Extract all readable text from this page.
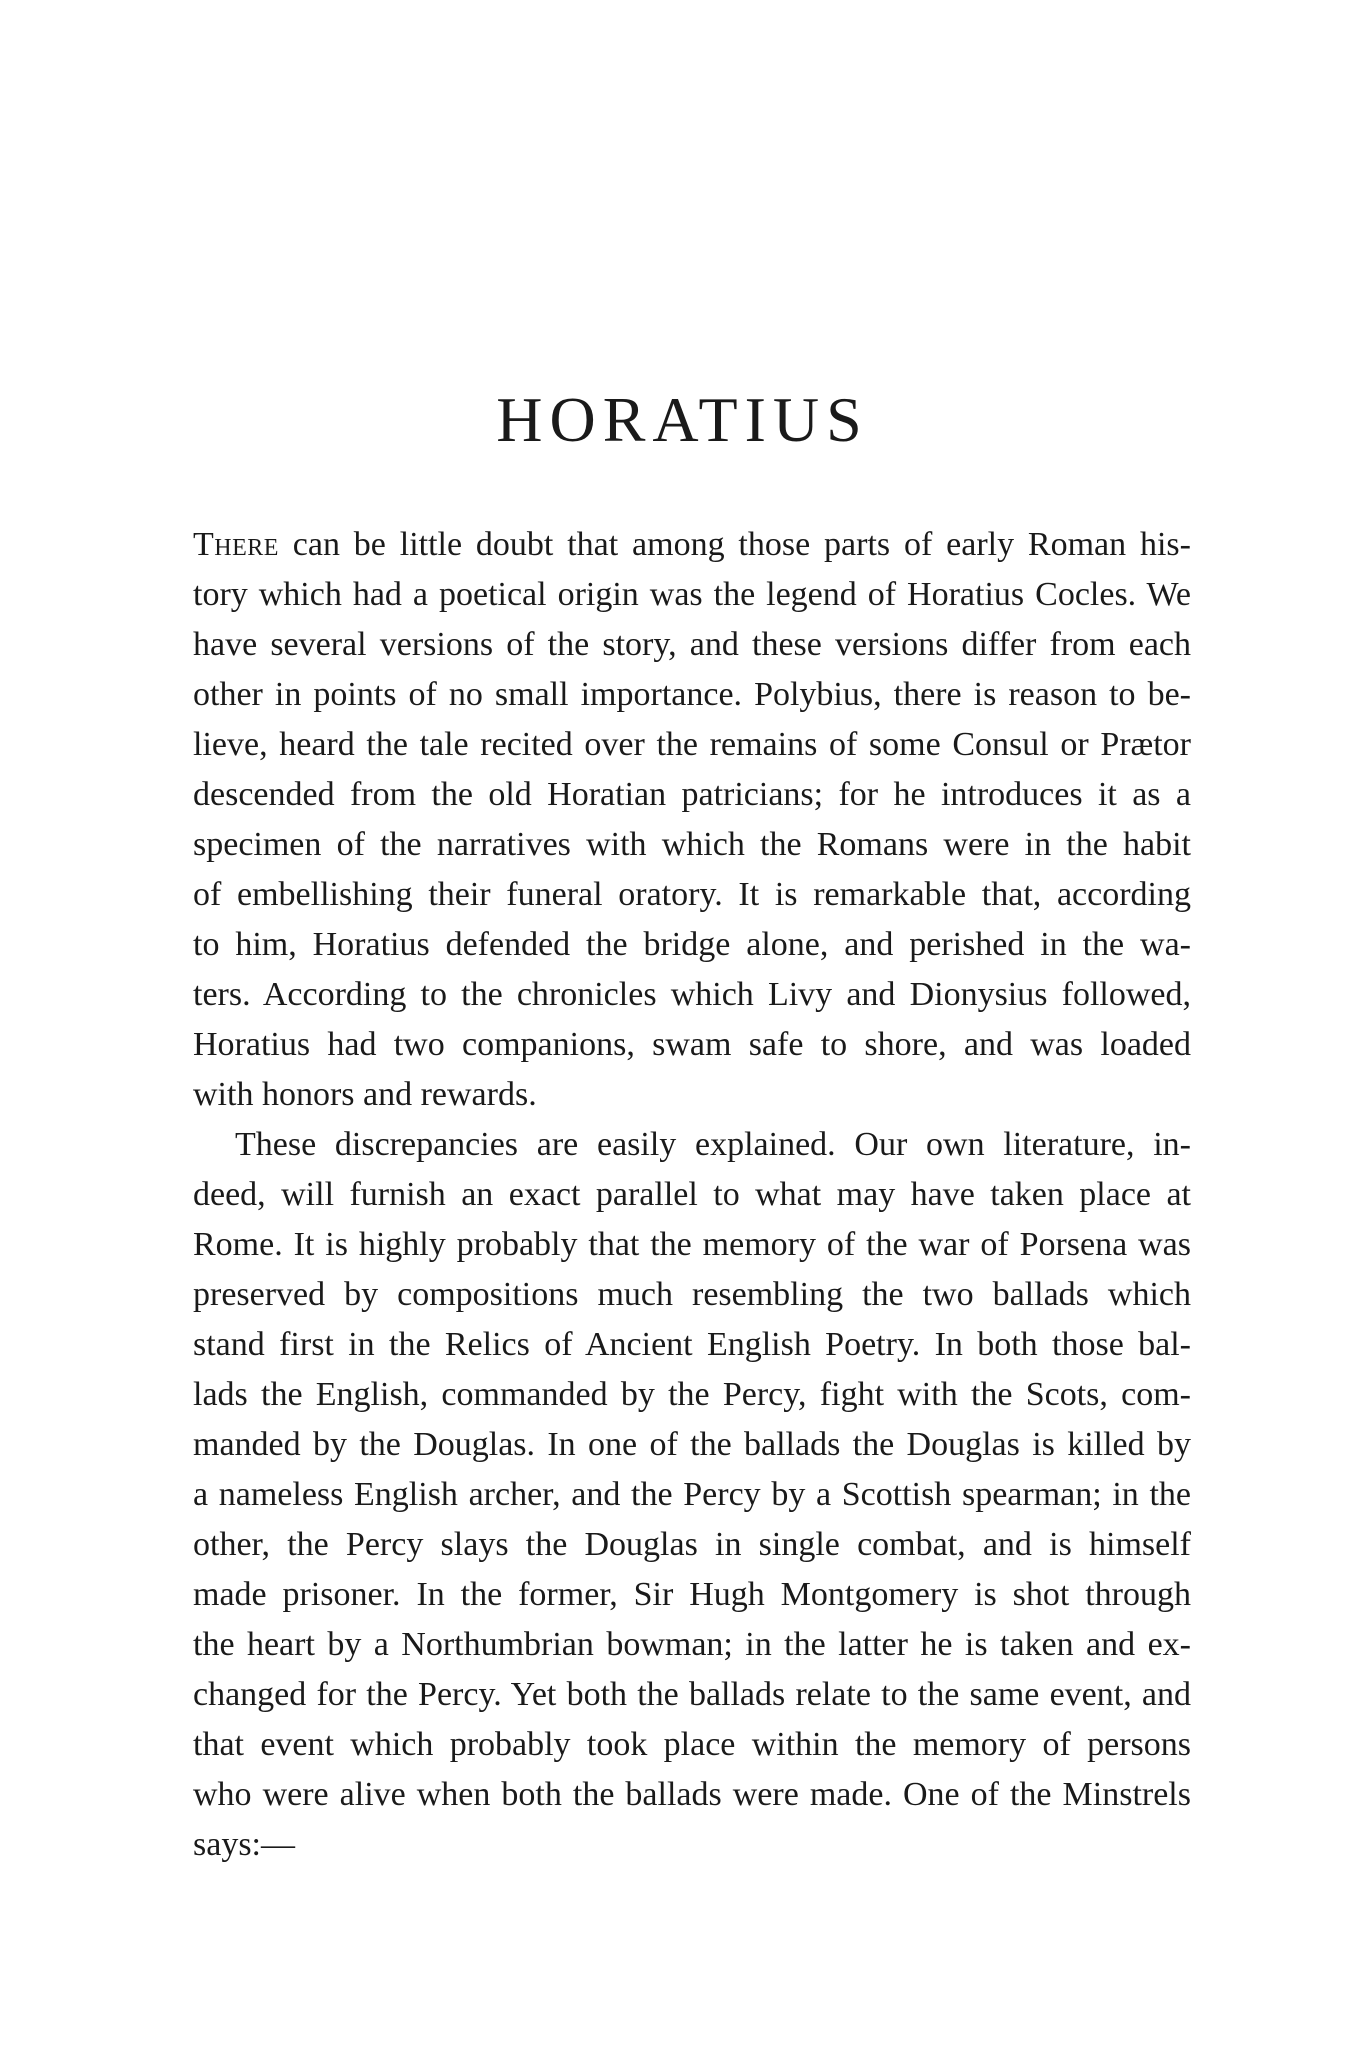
HORATIUS
There can be little doubt that among those parts of early Roman his-
tory which had a poetical origin was the legend of Horatius Cocles. We
have several versions of the story, and these versions differ from each
other in points of no small importance. Polybius, there is reason to be-
lieve, heard the tale recited over the remains of some Consul or Prætor
descended from the old Horatian patricians; for he introduces it as a
specimen of the narratives with which the Romans were in the habit
of embellishing their funeral oratory. It is remarkable that, according
to him, Horatius defended the bridge alone, and perished in the wa-
ters. According to the chronicles which Livy and Dionysius followed,
Horatius had two companions, swam safe to shore, and was loaded
with honors and rewards.
These discrepancies are easily explained. Our own literature, in-
deed, will furnish an exact parallel to what may have taken place at
Rome. It is highly probably that the memory of the war of Porsena was
preserved by compositions much resembling the two ballads which
stand first in the Relics of Ancient English Poetry. In both those bal-
lads the English, commanded by the Percy, fight with the Scots, com-
manded by the Douglas. In one of the ballads the Douglas is killed by
a nameless English archer, and the Percy by a Scottish spearman; in the
other, the Percy slays the Douglas in single combat, and is himself
made prisoner. In the former, Sir Hugh Montgomery is shot through
the heart by a Northumbrian bowman; in the latter he is taken and ex-
changed for the Percy. Yet both the ballads relate to the same event, and
that event which probably took place within the memory of persons
who were alive when both the ballads were made. One of the Minstrels
says:—
